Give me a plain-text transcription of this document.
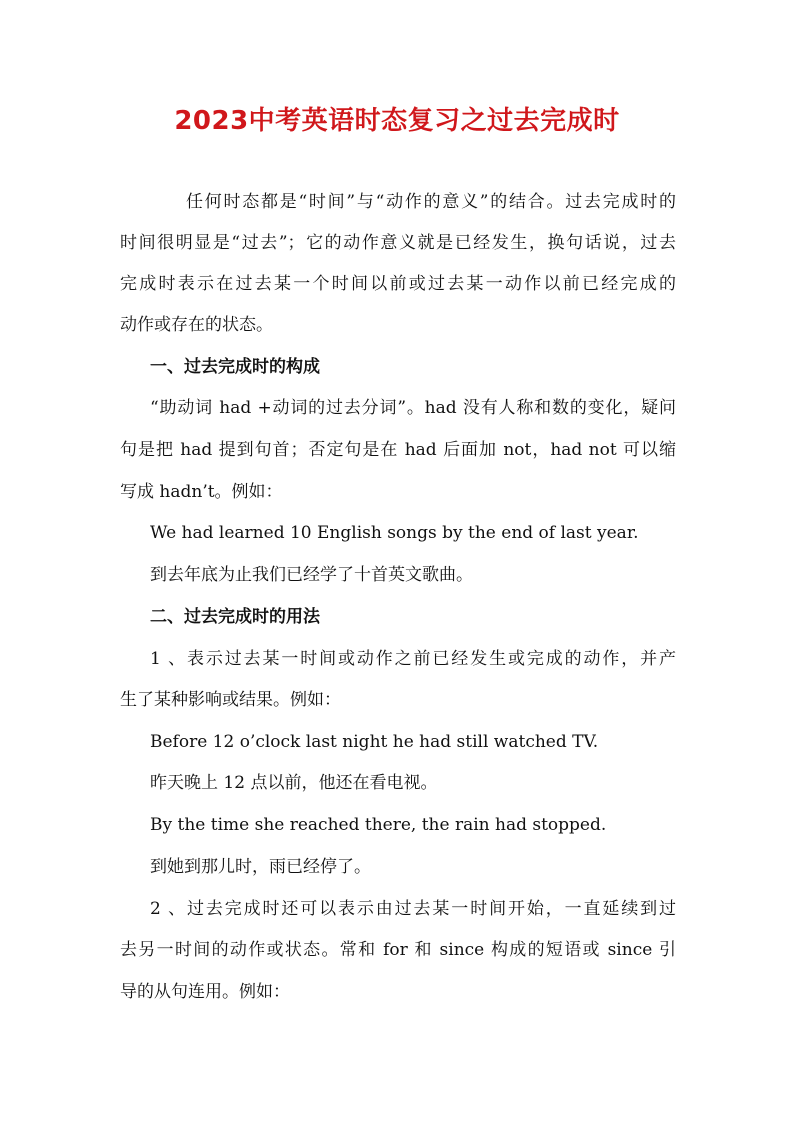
2023中考英语时态复习之过去完成时
任何时态都是“时间”与“动作的意义”的结合。过去完成时的
时间很明显是“过去”；它的动作意义就是已经发生，换句话说，过去
完成时表示在过去某一个时间以前或过去某一动作以前已经完成的
动作或存在的状态。
一、过去完成时的构成
“助动词 had +动词的过去分词”。had 没有人称和数的变化，疑问
句是把 had 提到句首；否定句是在 had 后面加 not，had not 可以缩
写成 hadn’t。例如：
We had learned 10 English songs by the end of last year.
到去年底为止我们已经学了十首英文歌曲。
二、过去完成时的用法
1 、表示过去某一时间或动作之前已经发生或完成的动作，并产
生了某种影响或结果。例如：
Before 12 o’clock last night he had still watched TV.
昨天晚上 12 点以前，他还在看电视。
By the time she reached there, the rain had stopped.
到她到那儿时，雨已经停了。
2 、过去完成时还可以表示由过去某一时间开始，一直延续到过
去另一时间的动作或状态。常和 for 和 since 构成的短语或 since 引
导的从句连用。例如：
